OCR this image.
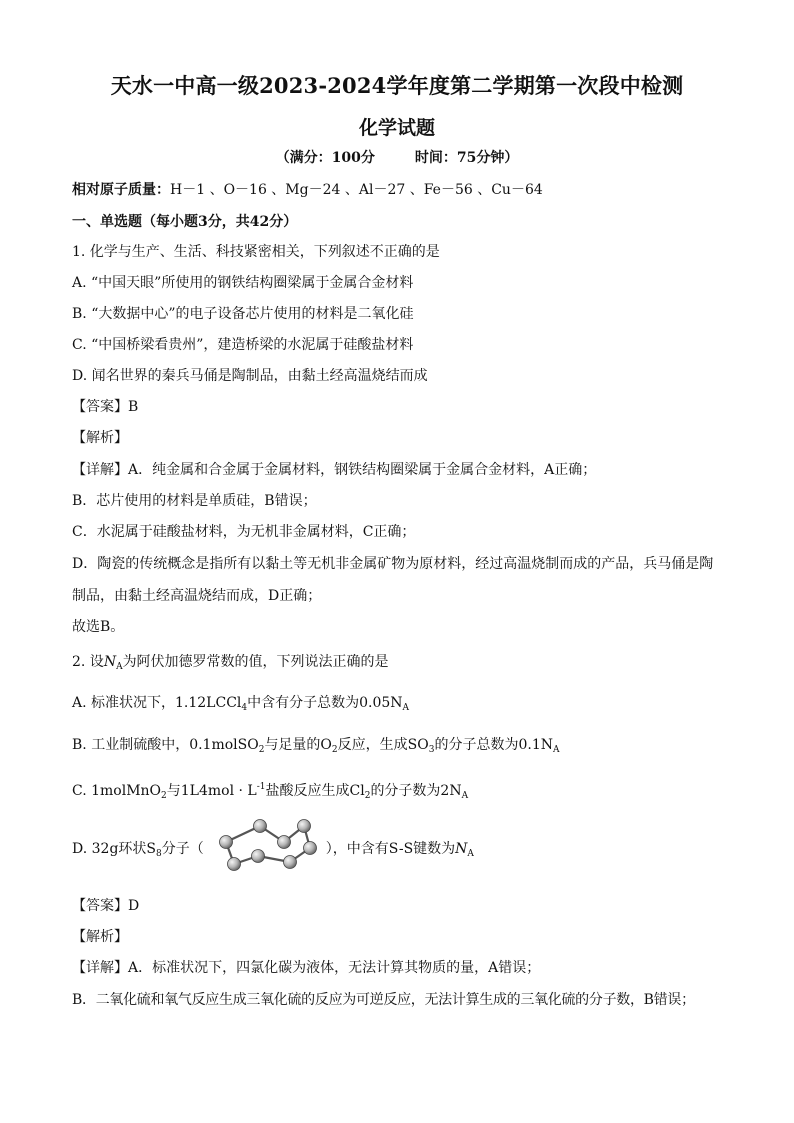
天水一中高一级2023-2024学年度第二学期第一次段中检测
化学试题
（满分：100分	时间：75分钟）
相对原子质量：H－1 、O－16 、Mg－24 、Al－27 、Fe－56 、Cu－64
一、单选题（每小题3分，共42分）
1. 化学与生产、生活、科技紧密相关，下列叙述不正确的是
A. “中国天眼”所使用的钢铁结构圈梁属于金属合金材料
B. “大数据中心”的电子设备芯片使用的材料是二氧化硅
C. “中国桥梁看贵州”，建造桥梁的水泥属于硅酸盐材料
D. 闻名世界的秦兵马俑是陶制品，由黏土经高温烧结而成
【答案】B
【解析】
【详解】A．纯金属和合金属于金属材料，钢铁结构圈梁属于金属合金材料，A正确；
B．芯片使用的材料是单质硅，B错误；
C．水泥属于硅酸盐材料，为无机非金属材料，C正确；
D．陶瓷的传统概念是指所有以黏土等无机非金属矿物为原材料，经过高温烧制而成的产品，兵马俑是陶
制品，由黏土经高温烧结而成，D正确；
故选B。
2. 设$N_A$为阿伏加德罗常数的值，下列说法正确的是
A. 标准状况下，1.12LCCl$_4$中含有分子总数为$0.05N_A$
B. 工业制硫酸中，0.1molSO$_2$与足量的$O_2$反应，生成$SO_3$的分子总数为$0.1N_A$
C. 1molMnO$_2$与$1L4mol \cdot L^{-1}$盐酸反应生成$Cl_2$的分子数为$2N_A$
D. 32g环状$S_8$分子（	），中含有S-S键数为$N_A$
【答案】D
【解析】
【详解】A．标准状况下，四氯化碳为液体，无法计算其物质的量，A错误；
B．二氧化硫和氧气反应生成三氧化硫的反应为可逆反应，无法计算生成的三氧化硫的分子数，B错误；
